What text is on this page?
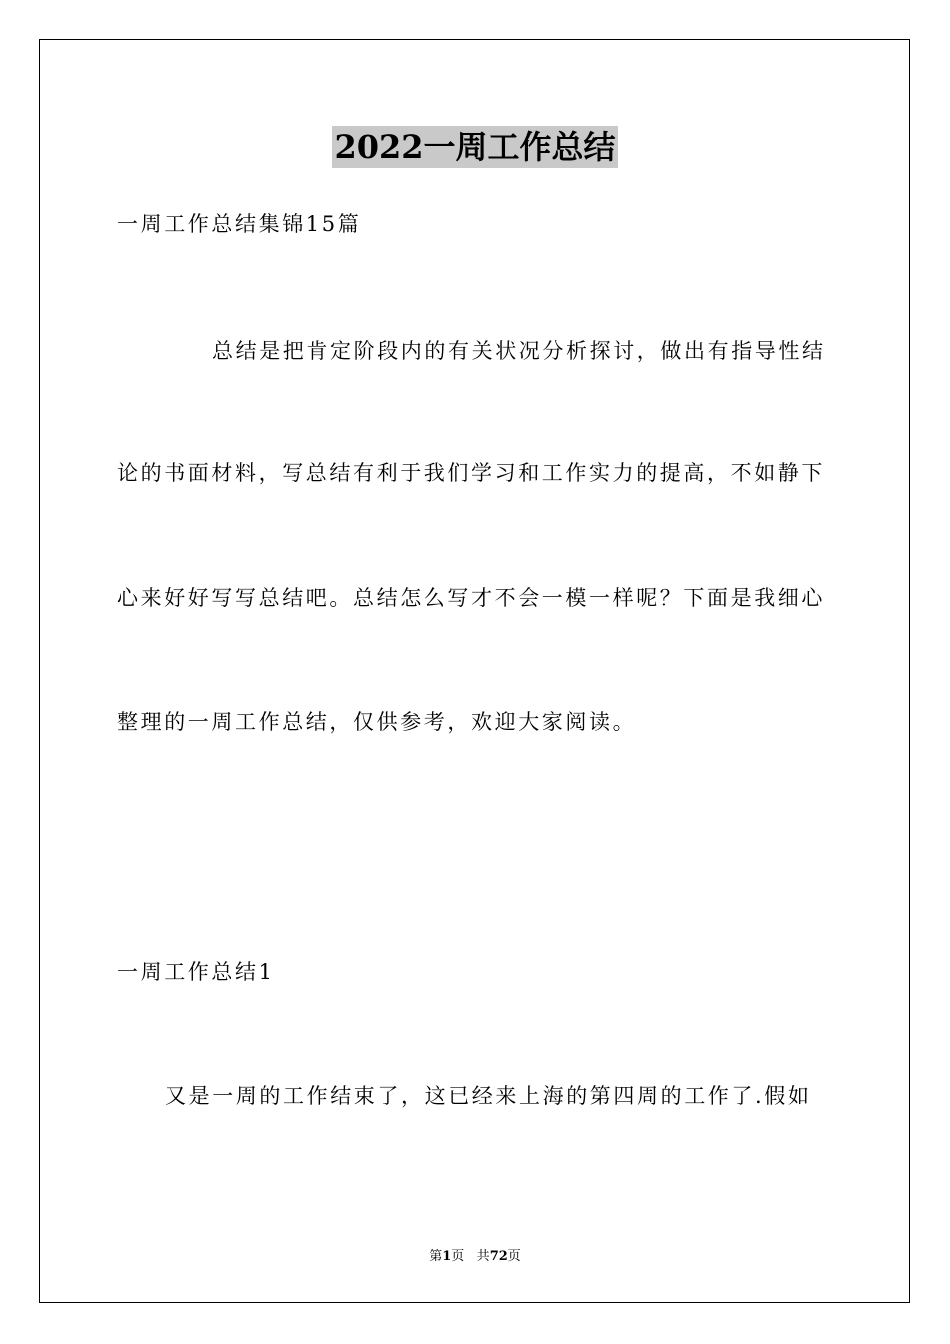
2022一周工作总结
一周工作总结集锦15篇
总结是把肯定阶段内的有关状况分析探讨，做出有指导性结
论的书面材料，写总结有利于我们学习和工作实力的提高，不如静下
心来好好写写总结吧。总结怎么写才不会一模一样呢？下面是我细心
整理的一周工作总结，仅供参考，欢迎大家阅读。
一周工作总结1
又是一周的工作结束了，这已经来上海的第四周的工作了.假如
第1页 共72页
